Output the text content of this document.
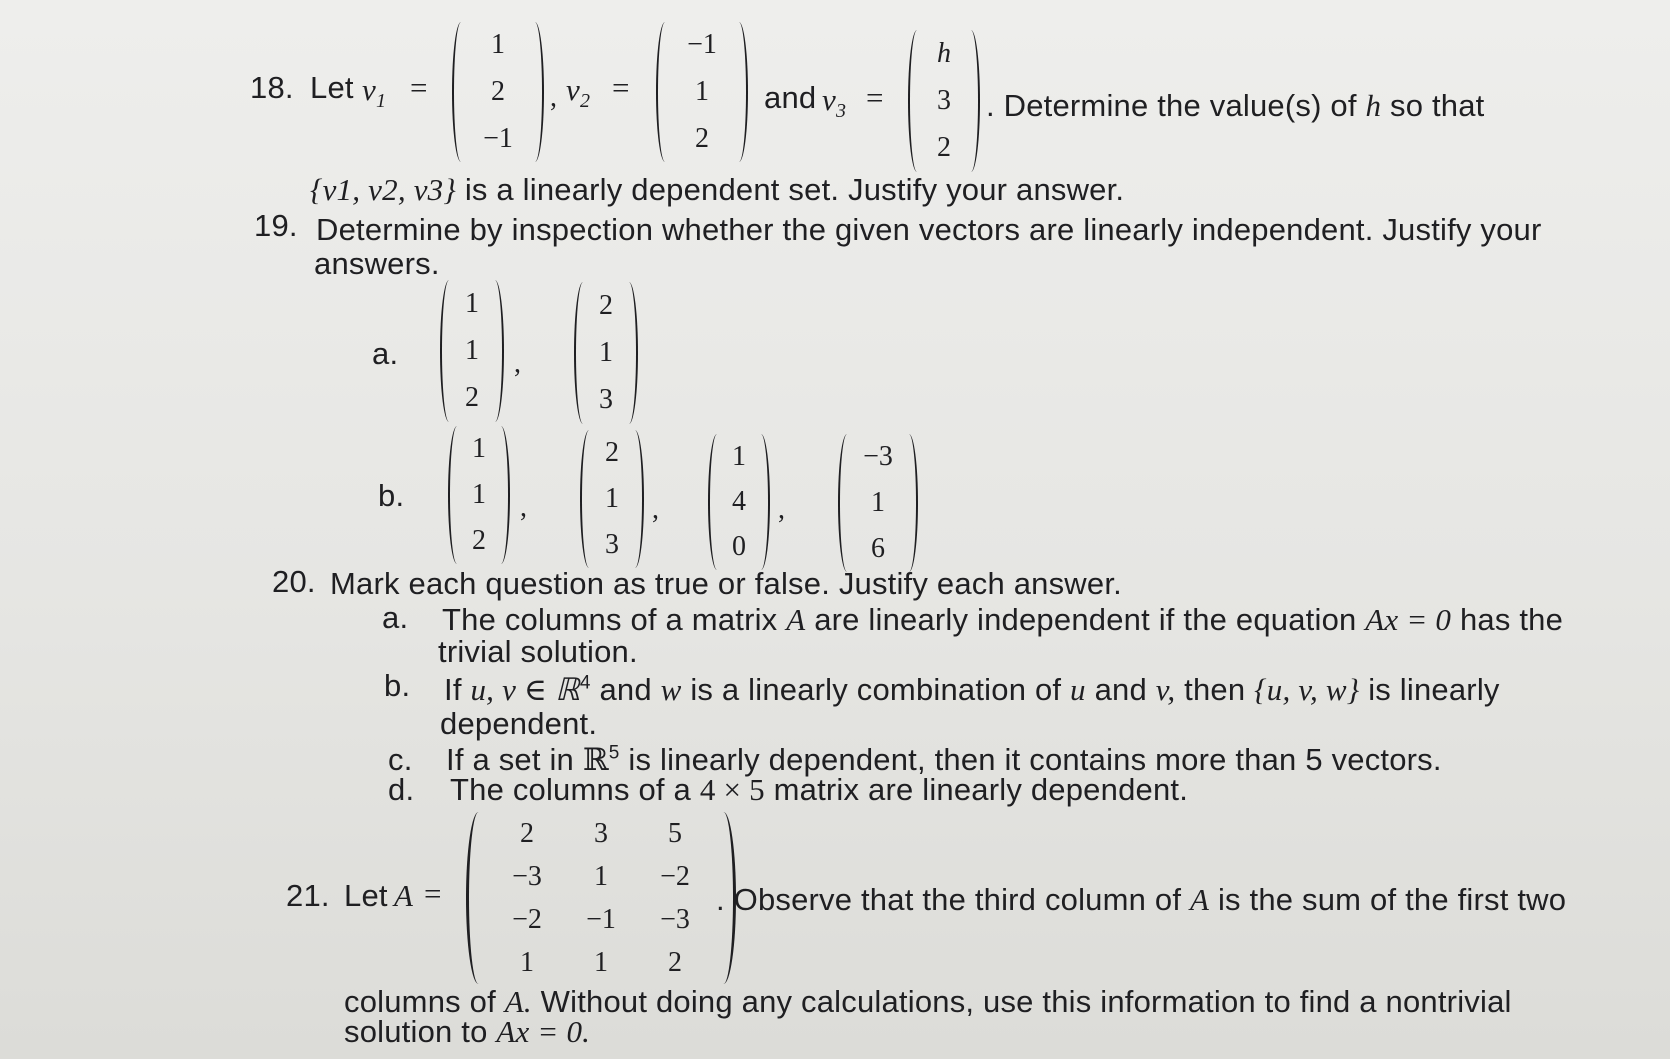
18. Let $v_1$ =
1
2
−1
, $v_2$ =
−1
1
2
and $v_3$ =
h
3
2
. Determine the value(s) of h so that
{v1, v2, v3} is a linearly dependent set. Justify your answer.
19. Determine by inspection whether the given vectors are linearly independent. Justify your
answers.
a.
1
1
2
,
2
1
3
b.
1
1
2
,
2
1
3
,
1
4
0
,
−3
1
6
20. Mark each question as true or false. Justify each answer.
a. The columns of a matrix A are linearly independent if the equation Ax = 0 has the
trivial solution.
b. If u, v ∈ ℝ$^4$ and w is a linearly combination of u and v, then {u, v, w} is linearly
dependent.
c. If a set in ℝ$^5$ is linearly dependent, then it contains more than 5 vectors.
d. The columns of a 4 × 5 matrix are linearly dependent.
21. Let A =
2 3 5
−3 1 −2
−2 −1 −3
1 1 2
. Observe that the third column of A is the sum of the first two
columns of A. Without doing any calculations, use this information to find a nontrivial
solution to Ax = 0.
